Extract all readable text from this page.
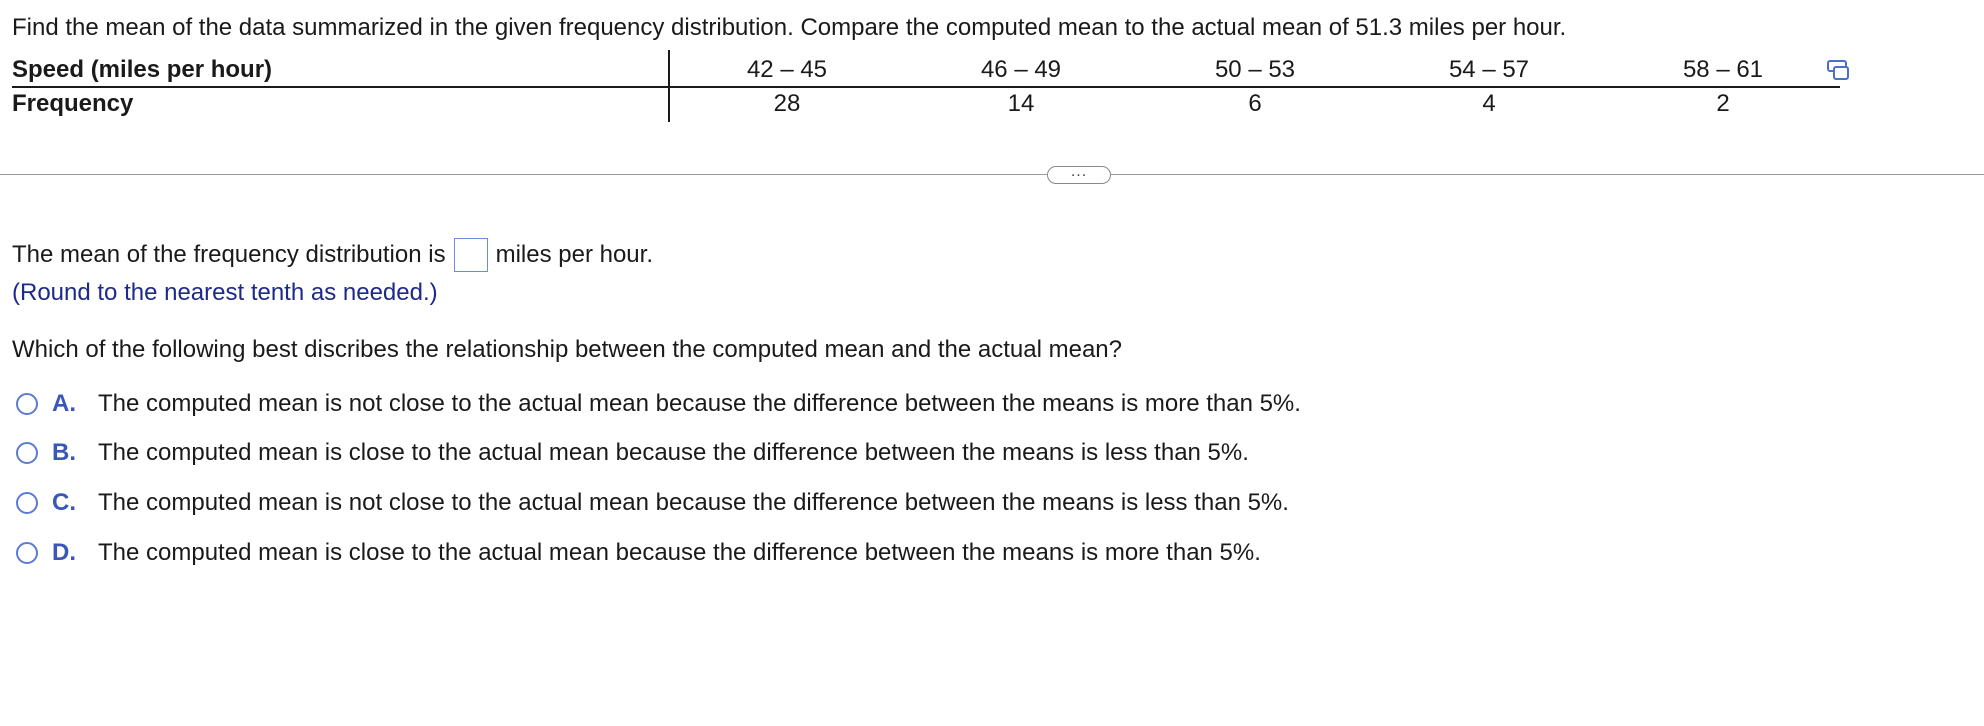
Find the mean of the data summarized in the given frequency distribution. Compare the computed mean to the actual mean of 51.3 miles per hour.
Speed (miles per hour)	42 – 45	46 – 49	50 – 53	54 – 57	58 – 61
Frequency	28	14	6	4	2
...
The mean of the frequency distribution is miles per hour.
(Round to the nearest tenth as needed.)
Which of the following best discribes the relationship between the computed mean and the actual mean?
A. The computed mean is not close to the actual mean because the difference between the means is more than 5%.
B. The computed mean is close to the actual mean because the difference between the means is less than 5%.
C. The computed mean is not close to the actual mean because the difference between the means is less than 5%.
D. The computed mean is close to the actual mean because the difference between the means is more than 5%.
